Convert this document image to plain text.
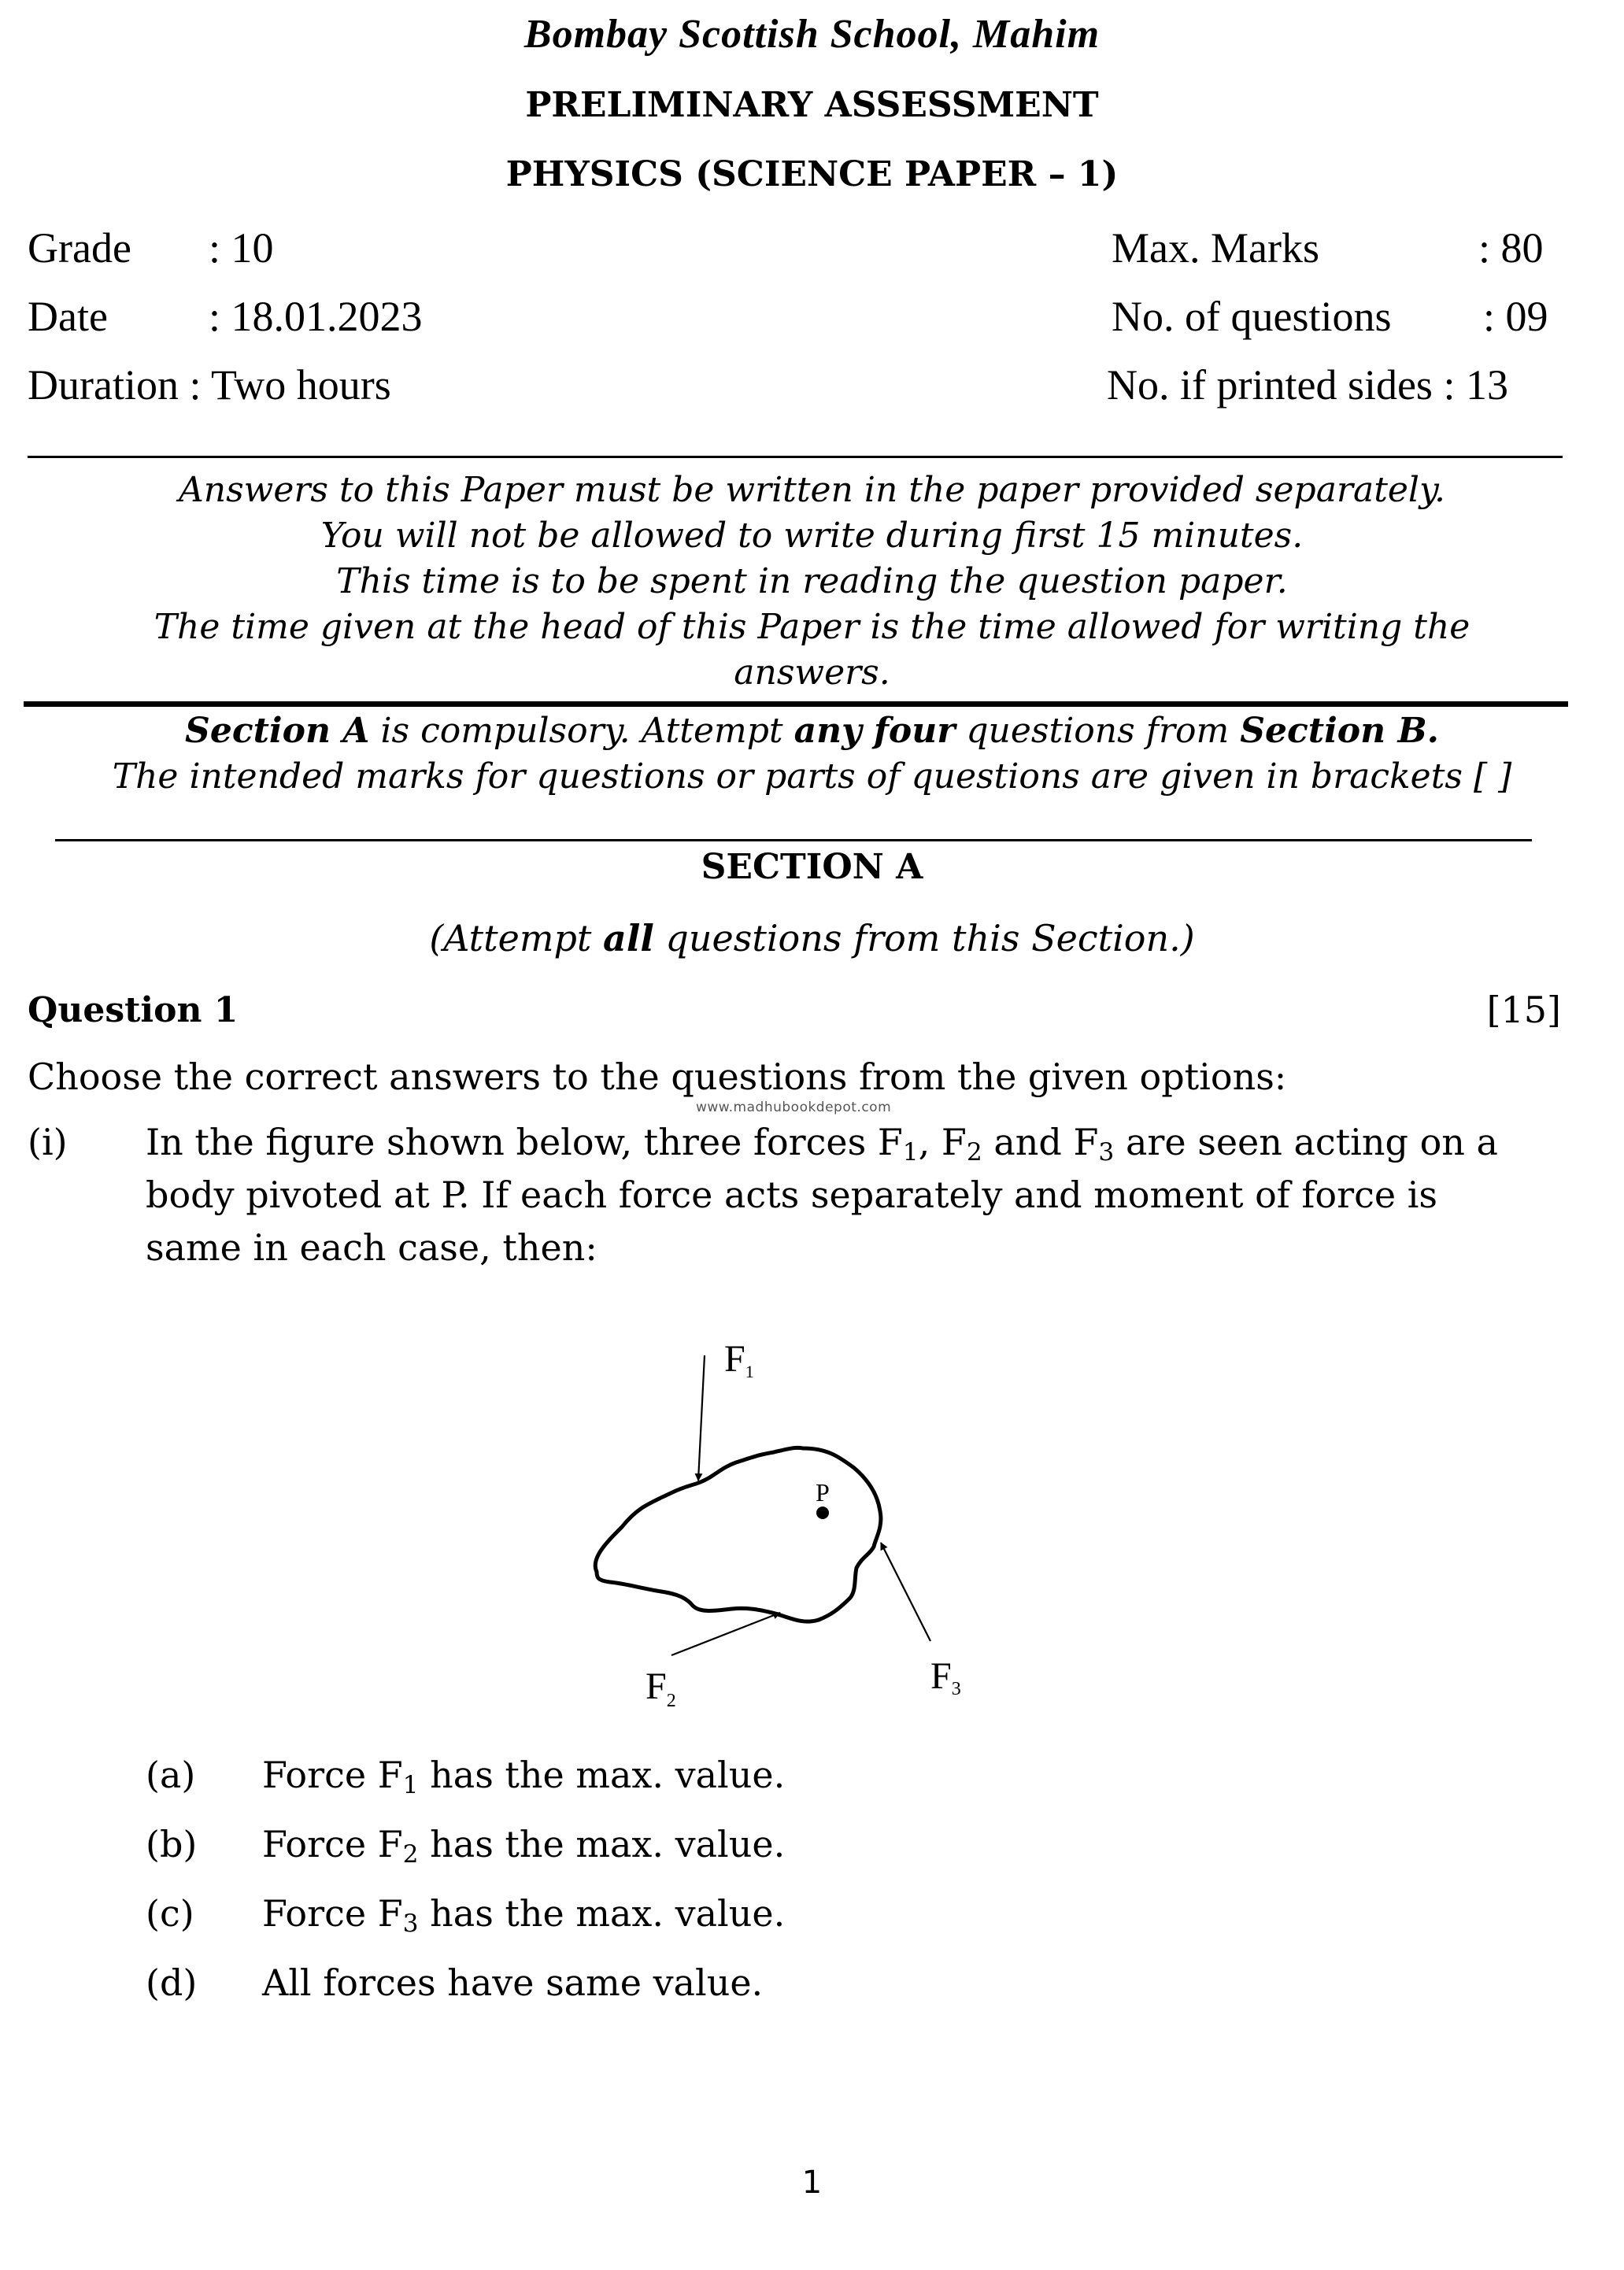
Bombay Scottish School, Mahim
PRELIMINARY ASSESSMENT
PHYSICS (SCIENCE PAPER – 1)
Grade : 10
Date : 18.01.2023
Duration : Two hours
Max. Marks	: 80
No. of questions : 09
No. if printed sides : 13
Answers to this Paper must be written in the paper provided separately.
You will not be allowed to write during first 15 minutes.
This time is to be spent in reading the question paper.
The time given at the head of this Paper is the time allowed for writing the
answers.
Section A is compulsory. Attempt any four questions from Section B.
The intended marks for questions or parts of questions are given in brackets [ ]
SECTION A
(Attempt all questions from this Section.)
Question 1	[15]
Choose the correct answers to the questions from the given options:
www.madhubookdepot.com
(i) In the figure shown below, three forces $F_1$, $F_2$ and $F_3$ are seen acting on a
body pivoted at P. If each force acts separately and moment of force is
same in each case, then:
P
F1
$F_2$
F3
(a) Force $F_1$ has the max. value.
(b) Force $F_2$ has the max. value.
(c) Force $F_3$ has the max. value.
(d) All forces have same value.
1
